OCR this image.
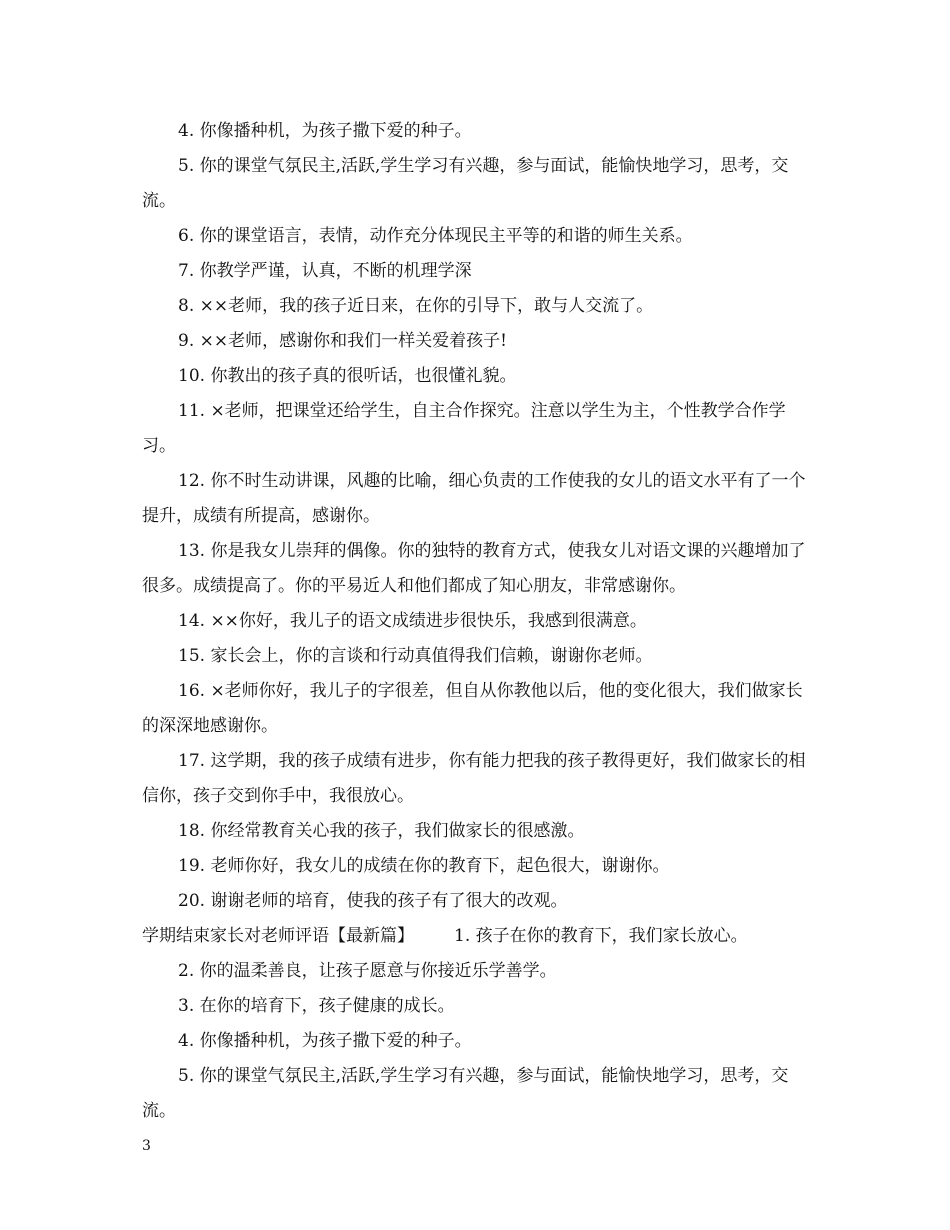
4. 你像播种机，为孩子撒下爱的种子。

5. 你的课堂气氛民主,活跃,学生学习有兴趣，参与面试，能愉快地学习，思考，交流。

6. 你的课堂语言，表情，动作充分体现民主平等的和谐的师生关系。

7. 你教学严谨，认真，不断的机理学深

8. ××老师，我的孩子近日来，在你的引导下，敢与人交流了。

9. ××老师，感谢你和我们一样关爱着孩子!

10. 你教出的孩子真的很听话，也很懂礼貌。

11. ×老师，把课堂还给学生，自主合作探究。注意以学生为主，个性教学合作学习。

12. 你不时生动讲课，风趣的比喻，细心负责的工作使我的女儿的语文水平有了一个提升，成绩有所提高，感谢你。

13. 你是我女儿崇拜的偶像。你的独特的教育方式，使我女儿对语文课的兴趣增加了很多。成绩提高了。你的平易近人和他们都成了知心朋友，非常感谢你。

14. ××你好，我儿子的语文成绩进步很快乐，我感到很满意。

15. 家长会上，你的言谈和行动真值得我们信赖，谢谢你老师。

16. ×老师你好，我儿子的字很差，但自从你教他以后，他的变化很大，我们做家长的深深地感谢你。

17. 这学期，我的孩子成绩有进步，你有能力把我的孩子教得更好，我们做家长的相信你，孩子交到你手中，我很放心。

18. 你经常教育关心我的孩子，我们做家长的很感激。

19. 老师你好，我女儿的成绩在你的教育下，起色很大，谢谢你。

20. 谢谢老师的培育，使我的孩子有了很大的改观。

学期结束家长对老师评语【最新篇】 1. 孩子在你的教育下，我们家长放心。

2. 你的温柔善良，让孩子愿意与你接近乐学善学。

3. 在你的培育下，孩子健康的成长。

4. 你像播种机，为孩子撒下爱的种子。

5. 你的课堂气氛民主,活跃,学生学习有兴趣，参与面试，能愉快地学习，思考，交流。

3
